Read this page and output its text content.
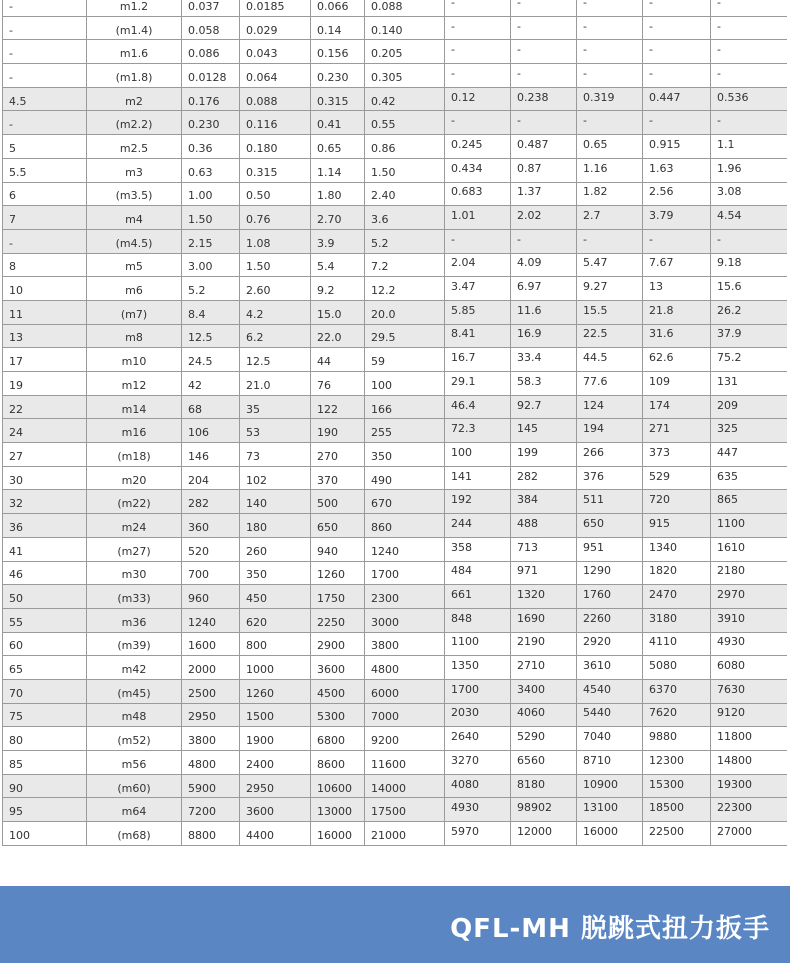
-	m1.2	0.037	0.0185	0.066	0.088	-	-	-	-	-
-	(m1.4)	0.058	0.029	0.14	0.140	-	-	-	-	-
-	m1.6	0.086	0.043	0.156	0.205	-	-	-	-	-
-	(m1.8)	0.0128	0.064	0.230	0.305	-	-	-	-	-
4.5	m2	0.176	0.088	0.315	0.42	0.12	0.238	0.319	0.447	0.536
-	(m2.2)	0.230	0.116	0.41	0.55	-	-	-	-	-
5	m2.5	0.36	0.180	0.65	0.86	0.245	0.487	0.65	0.915	1.1
5.5	m3	0.63	0.315	1.14	1.50	0.434	0.87	1.16	1.63	1.96
6	(m3.5)	1.00	0.50	1.80	2.40	0.683	1.37	1.82	2.56	3.08
7	m4	1.50	0.76	2.70	3.6	1.01	2.02	2.7	3.79	4.54
-	(m4.5)	2.15	1.08	3.9	5.2	-	-	-	-	-
8	m5	3.00	1.50	5.4	7.2	2.04	4.09	5.47	7.67	9.18
10	m6	5.2	2.60	9.2	12.2	3.47	6.97	9.27	13	15.6
11	(m7)	8.4	4.2	15.0	20.0	5.85	11.6	15.5	21.8	26.2
13	m8	12.5	6.2	22.0	29.5	8.41	16.9	22.5	31.6	37.9
17	m10	24.5	12.5	44	59	16.7	33.4	44.5	62.6	75.2
19	m12	42	21.0	76	100	29.1	58.3	77.6	109	131
22	m14	68	35	122	166	46.4	92.7	124	174	209
24	m16	106	53	190	255	72.3	145	194	271	325
27	(m18)	146	73	270	350	100	199	266	373	447
30	m20	204	102	370	490	141	282	376	529	635
32	(m22)	282	140	500	670	192	384	511	720	865
36	m24	360	180	650	860	244	488	650	915	1100
41	(m27)	520	260	940	1240	358	713	951	1340	1610
46	m30	700	350	1260	1700	484	971	1290	1820	2180
50	(m33)	960	450	1750	2300	661	1320	1760	2470	2970
55	m36	1240	620	2250	3000	848	1690	2260	3180	3910
60	(m39)	1600	800	2900	3800	1100	2190	2920	4110	4930
65	m42	2000	1000	3600	4800	1350	2710	3610	5080	6080
70	(m45)	2500	1260	4500	6000	1700	3400	4540	6370	7630
75	m48	2950	1500	5300	7000	2030	4060	5440	7620	9120
80	(m52)	3800	1900	6800	9200	2640	5290	7040	9880	11800
85	m56	4800	2400	8600	11600	3270	6560	8710	12300	14800
90	(m60)	5900	2950	10600	14000	4080	8180	10900	15300	19300
95	m64	7200	3600	13000	17500	4930	98902	13100	18500	22300
100	(m68)	8800	4400	16000	21000	5970	12000	16000	22500	27000
QFL-MH 脱跳式扭力扳手
